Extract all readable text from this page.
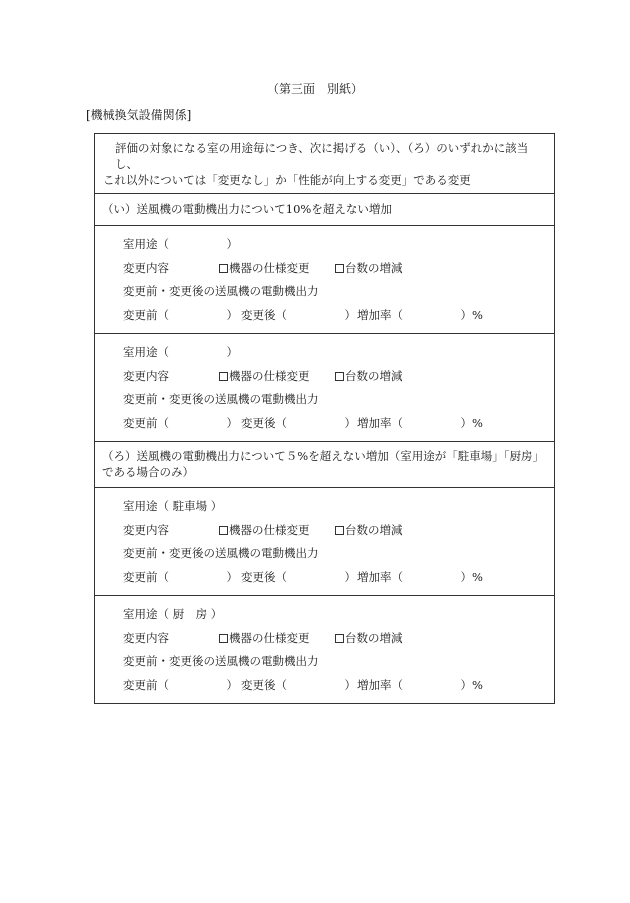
（第三面　別紙）
[機械換気設備関係]
評価の対象になる室の用途毎につき、次に掲げる（い）、（ろ）のいずれかに該当し、
これ以外については「変更なし」か「性能が向上する変更」である変更
（い）送風機の電動機出力について10%を超えない増加
室用途（　　　　　）
変更内容	機器の仕様変更	台数の増減
変更前・変更後の送風機の電動機出力
変更前（　　　　　） 変更後（　　　　　） 増加率（　　　　　）%
室用途（　　　　　）
変更内容	機器の仕様変更	台数の増減
変更前・変更後の送風機の電動機出力
変更前（　　　　　） 変更後（　　　　　） 増加率（　　　　　）%
（ろ）送風機の電動機出力について５%を超えない増加（室用途が「駐車場」「厨房」
である場合のみ）
室用途（ 駐車場 ）
変更内容	機器の仕様変更	台数の増減
変更前・変更後の送風機の電動機出力
変更前（　　　　　） 変更後（　　　　　） 増加率（　　　　　）%
室用途（ 厨　房 ）
変更内容	機器の仕様変更	台数の増減
変更前・変更後の送風機の電動機出力
変更前（　　　　　） 変更後（　　　　　） 増加率（　　　　　）%
